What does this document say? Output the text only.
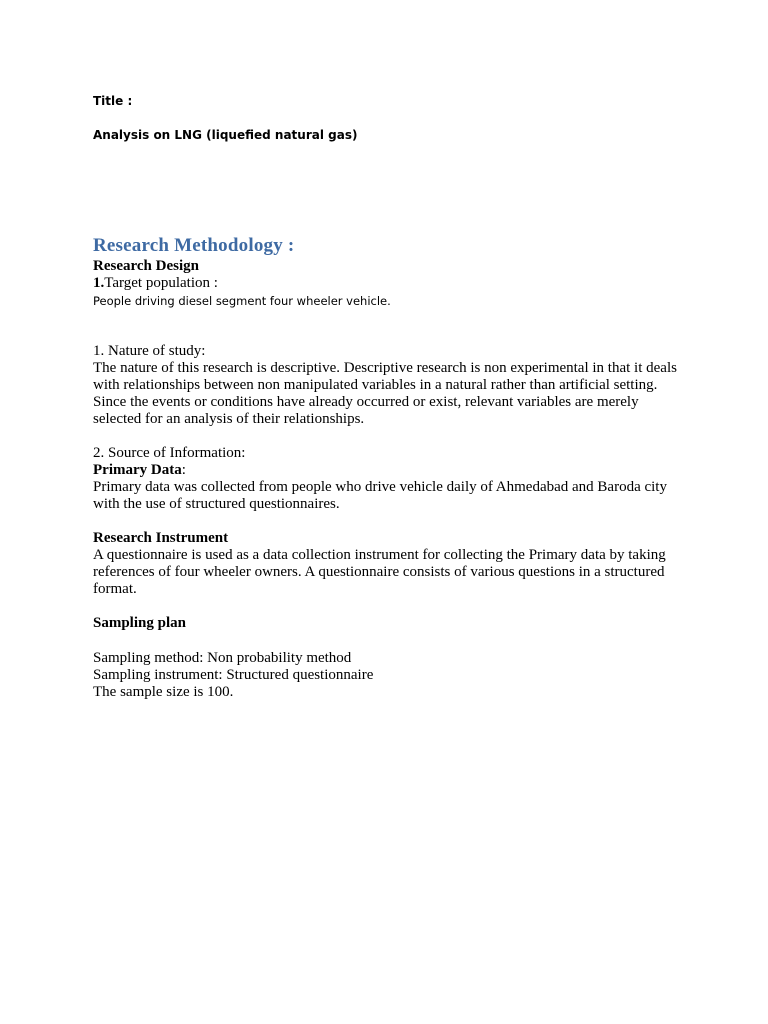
Title :
Analysis on LNG (liquefied natural gas)
Research Methodology :
Research Design
1.Target population :
People driving diesel segment four wheeler vehicle.
1. Nature of study:
The nature of this research is descriptive. Descriptive research is non experimental in that it deals
with relationships between non manipulated variables in a natural rather than artificial setting.
Since the events or conditions have already occurred or exist, relevant variables are merely
selected for an analysis of their relationships.
2. Source of Information:
Primary Data:
Primary data was collected from people who drive vehicle daily of Ahmedabad and Baroda city
with the use of structured questionnaires.
Research Instrument
A questionnaire is used as a data collection instrument for collecting the Primary data by taking
references of four wheeler owners. A questionnaire consists of various questions in a structured
format.
Sampling plan
Sampling method: Non probability method
Sampling instrument: Structured questionnaire
The sample size is 100.
